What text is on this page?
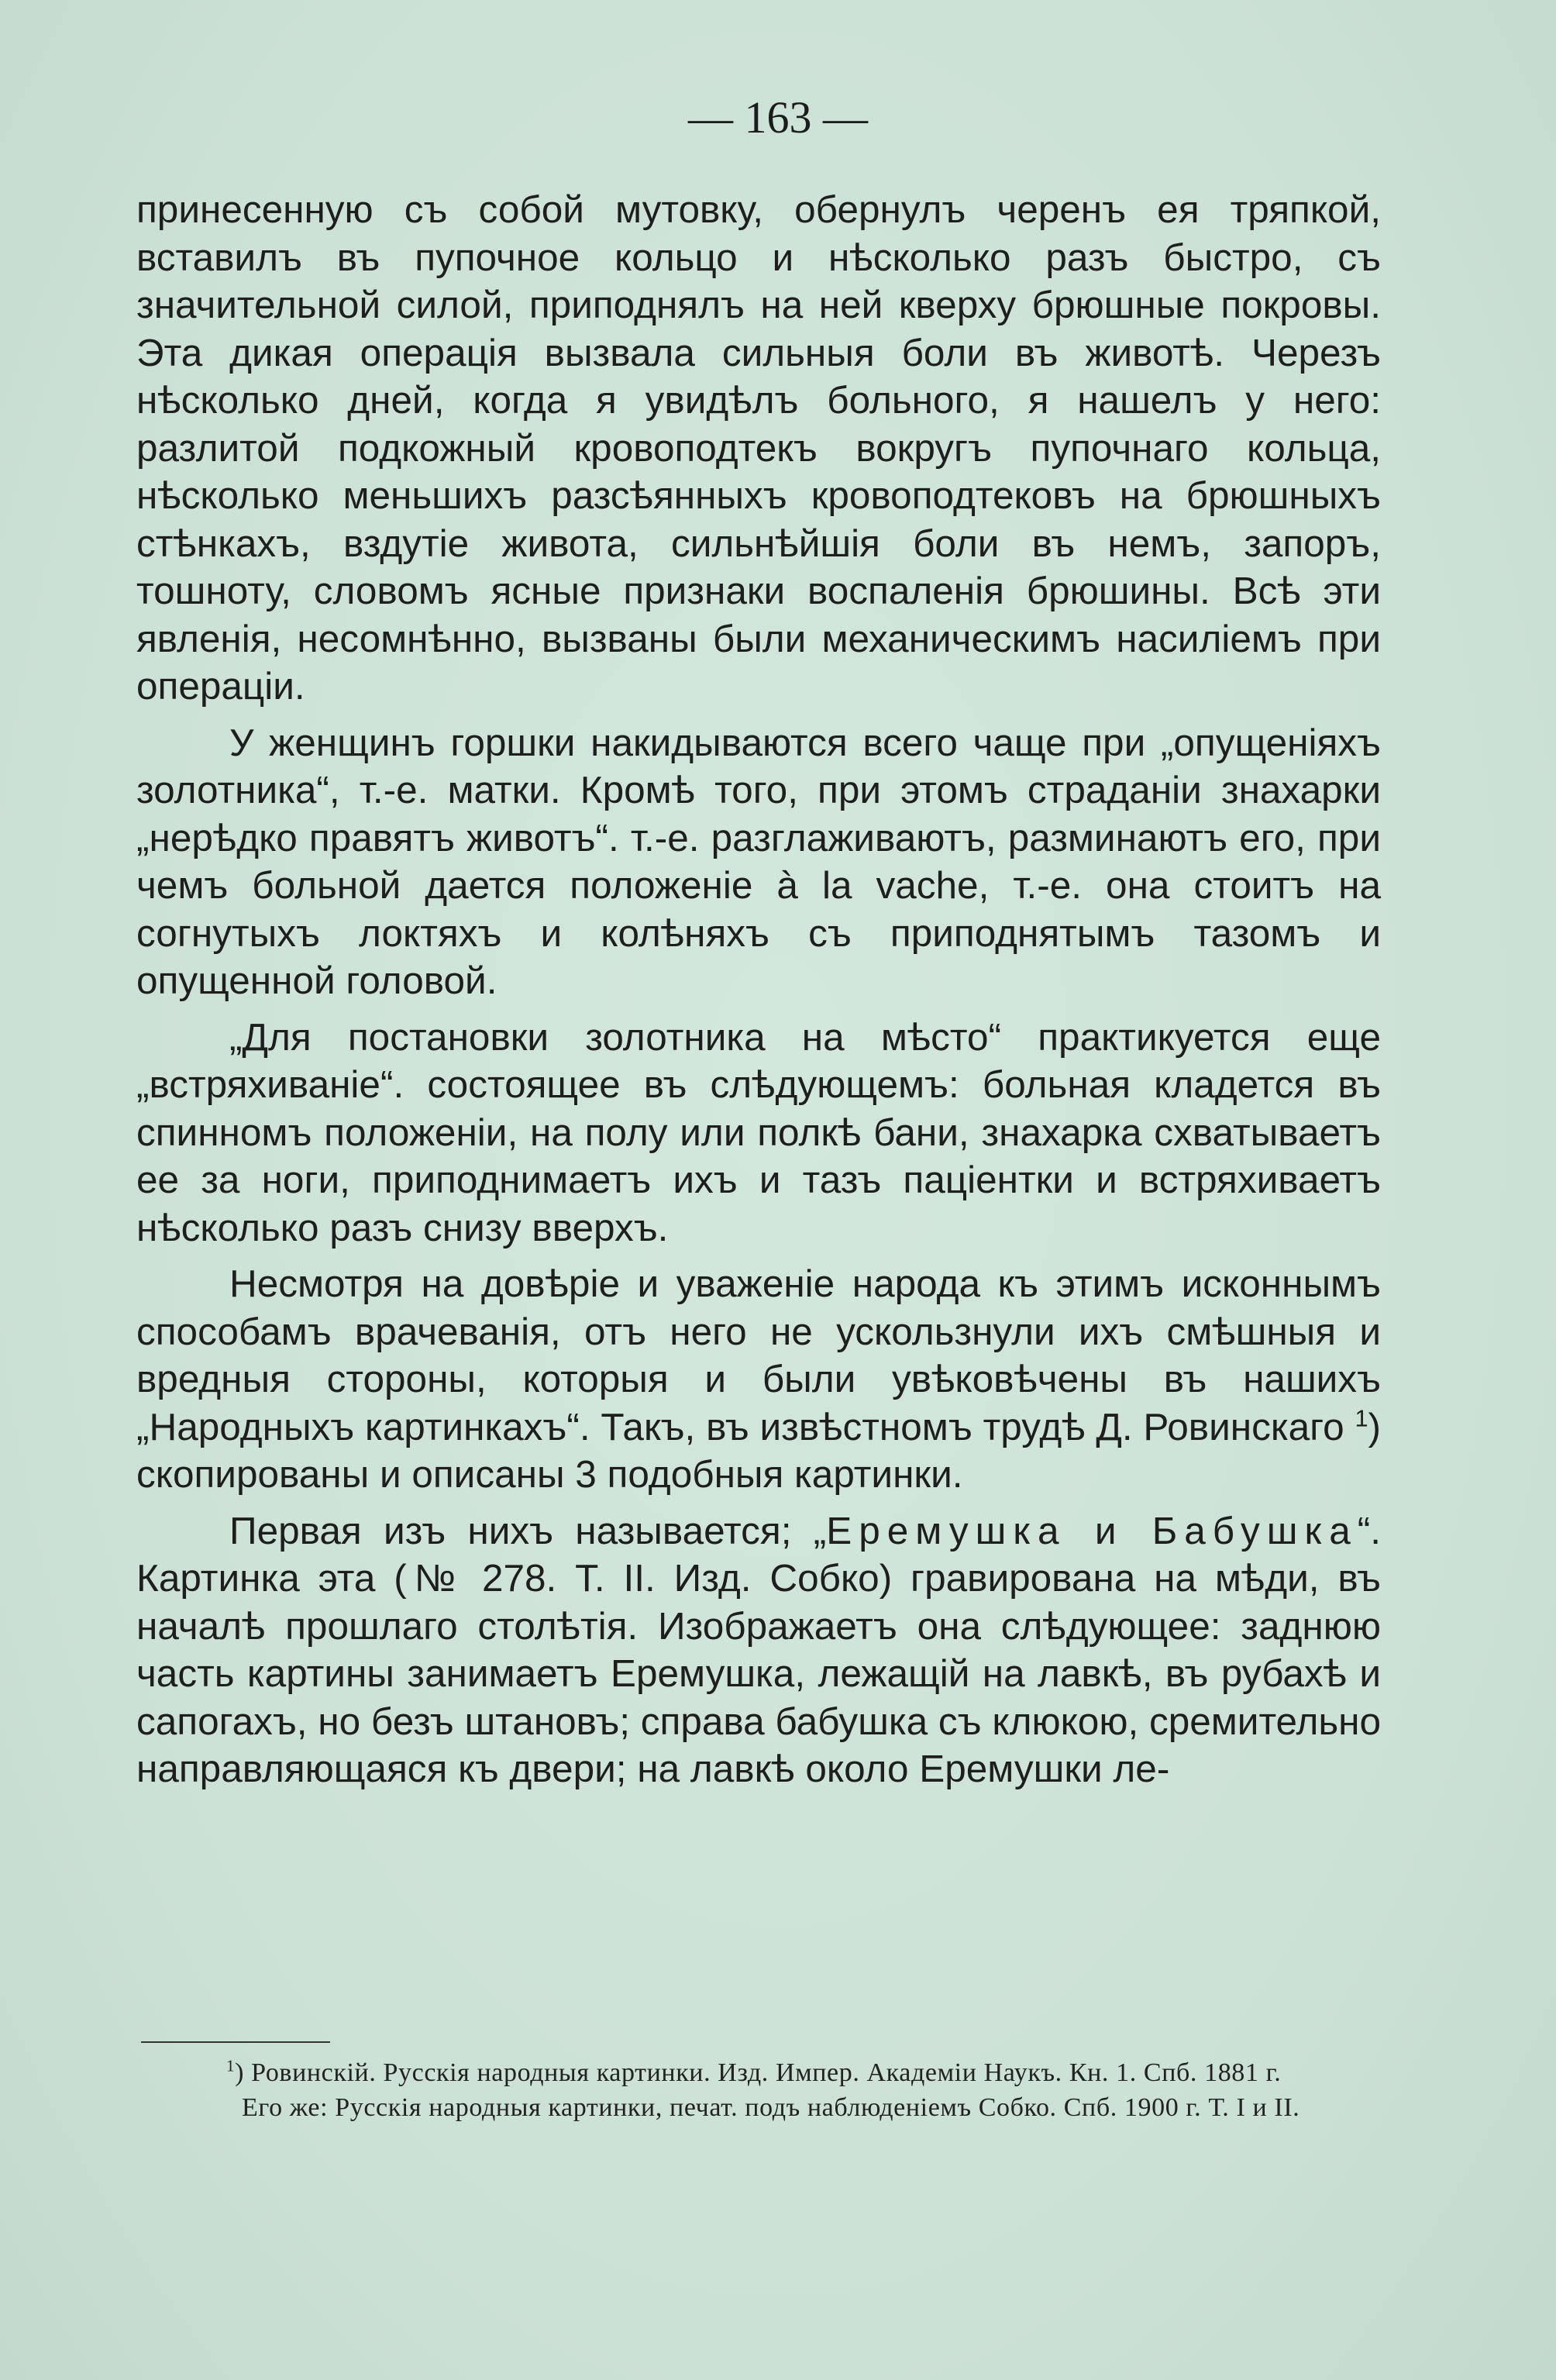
— 163 —

принесенную съ собой мутовку, обернулъ черенъ ея тряпкой, вставилъ въ пупочное кольцо и нѣсколько разъ быстро, съ значительной силой, приподнялъ на ней кверху брюшные покровы. Эта дикая операція вызвала сильныя боли въ животѣ. Черезъ нѣсколько дней, когда я увидѣлъ больного, я нашелъ у него: разлитой подкожный кровоподтекъ вокругъ пупочнаго кольца, нѣсколько меньшихъ разсѣянныхъ кровоподтековъ на брюшныхъ стѣнкахъ, вздутіе живота, сильнѣйшія боли въ немъ, запоръ, тошноту, словомъ ясные признаки воспаленія брюшины. Всѣ эти явленія, несомнѣнно, вызваны были механическимъ насиліемъ при операціи.

У женщинъ горшки накидываются всего чаще при „опущеніяхъ золотника“, т.-е. матки. Кромѣ того, при этомъ страданіи знахарки „нерѣдко правятъ животъ“. т.-е. разглаживаютъ, разминаютъ его, при чемъ больной дается положеніе à la vache, т.-е. она стоитъ на согнутыхъ локтяхъ и колѣняхъ съ приподнятымъ тазомъ и опущенной головой.

„Для постановки золотника на мѣсто“ практикуется еще „встряхиваніе“. состоящее въ слѣдующемъ: больная кладется въ спинномъ положеніи, на полу или полкѣ бани, знахарка схватываетъ ее за ноги, приподнимаетъ ихъ и тазъ паціентки и встряхиваетъ нѣсколько разъ снизу вверхъ.

Несмотря на довѣріе и уваженіе народа къ этимъ исконнымъ способамъ врачеванія, отъ него не ускользнули ихъ смѣшныя и вредныя стороны, которыя и были увѣковѣчены въ нашихъ „Народныхъ картинкахъ“. Такъ, въ извѣстномъ трудѣ Д. Ровинскаго $^1$) скопированы и описаны 3 подобныя картинки.

Первая изъ нихъ называется; „Еремушка и Бабушка“. Картинка эта (№ 278. Т. II. Изд. Собко) гравирована на мѣди, въ началѣ прошлаго столѣтія. Изображаетъ она слѣдующее: заднюю часть картины занимаетъ Еремушка, лежащій на лавкѣ, въ рубахѣ и сапогахъ, но безъ штановъ; справа бабушка съ клюкою, сремительно направляющаяся къ двери; на лавкѣ около Еремушки ле-

$^1$) Ровинскій. Русскія народныя картинки. Изд. Импер. Академіи Наукъ. Кн. 1. Спб. 1881 г.

Его же: Русскія народныя картинки, печат. подъ наблюденіемъ Собко. Спб. 1900 г. Т. I и II.
